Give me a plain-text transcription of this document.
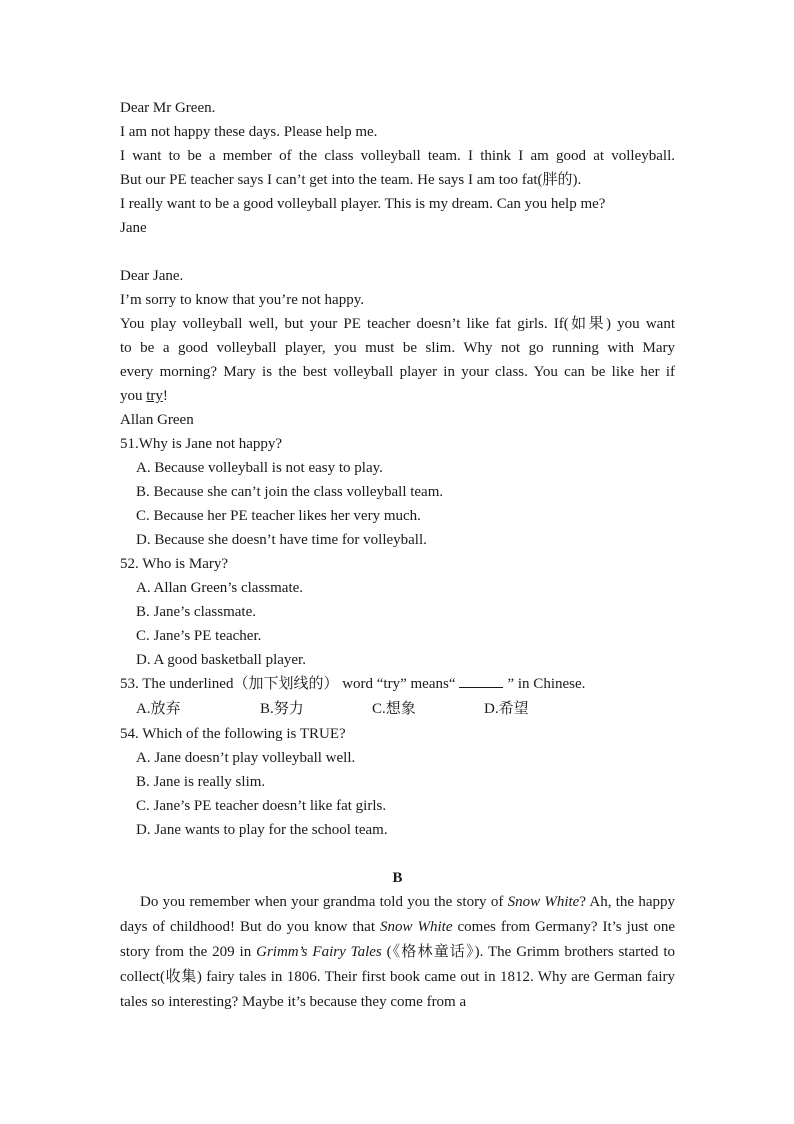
Dear Mr Green.
I am not happy these days. Please help me.
I want to be a member of the class volleyball team. I think I am good at volleyball.
But our PE teacher says I can’t get into the team. He says I am too fat(胖的).
I really want to be a good volleyball player. This is my dream. Can you help me?
Jane
Dear Jane.
I’m sorry to know that you’re not happy.
You play volleyball well, but your PE teacher doesn’t like fat girls. If(如果) you want
to be a good volleyball player, you must be slim. Why not go running with Mary
every morning? Mary is the best volleyball player in your class. You can be like her if
you try!
Allan Green
51.Why is Jane not happy?
A. Because volleyball is not easy to play.
B. Because she can’t join the class volleyball team.
C. Because her PE teacher likes her very much.
D. Because she doesn’t have time for volleyball.
52. Who is Mary?
A. Allan Green’s classmate.
B. Jane’s classmate.
C. Jane’s PE teacher.
D. A good basketball player.
53. The underlined（加下划线的） word “try” means“	” in Chinese.
A.放弃	B.努力	C.想象	D.希望
54. Which of the following is TRUE?
A. Jane doesn’t play volleyball well.
B. Jane is really slim.
C. Jane’s PE teacher doesn’t like fat girls.
D. Jane wants to play for the school team.
B
Do you remember when your grandma told you the story of Snow White? Ah, the happy days of childhood! But do you know that Snow White comes from Germany? It’s just one story from the 209 in Grimm’s Fairy Tales (《格林童话》). The Grimm brothers started to collect(收集) fairy tales in 1806. Their first book came out in 1812. Why are German fairy tales so interesting? Maybe it’s because they come from a
